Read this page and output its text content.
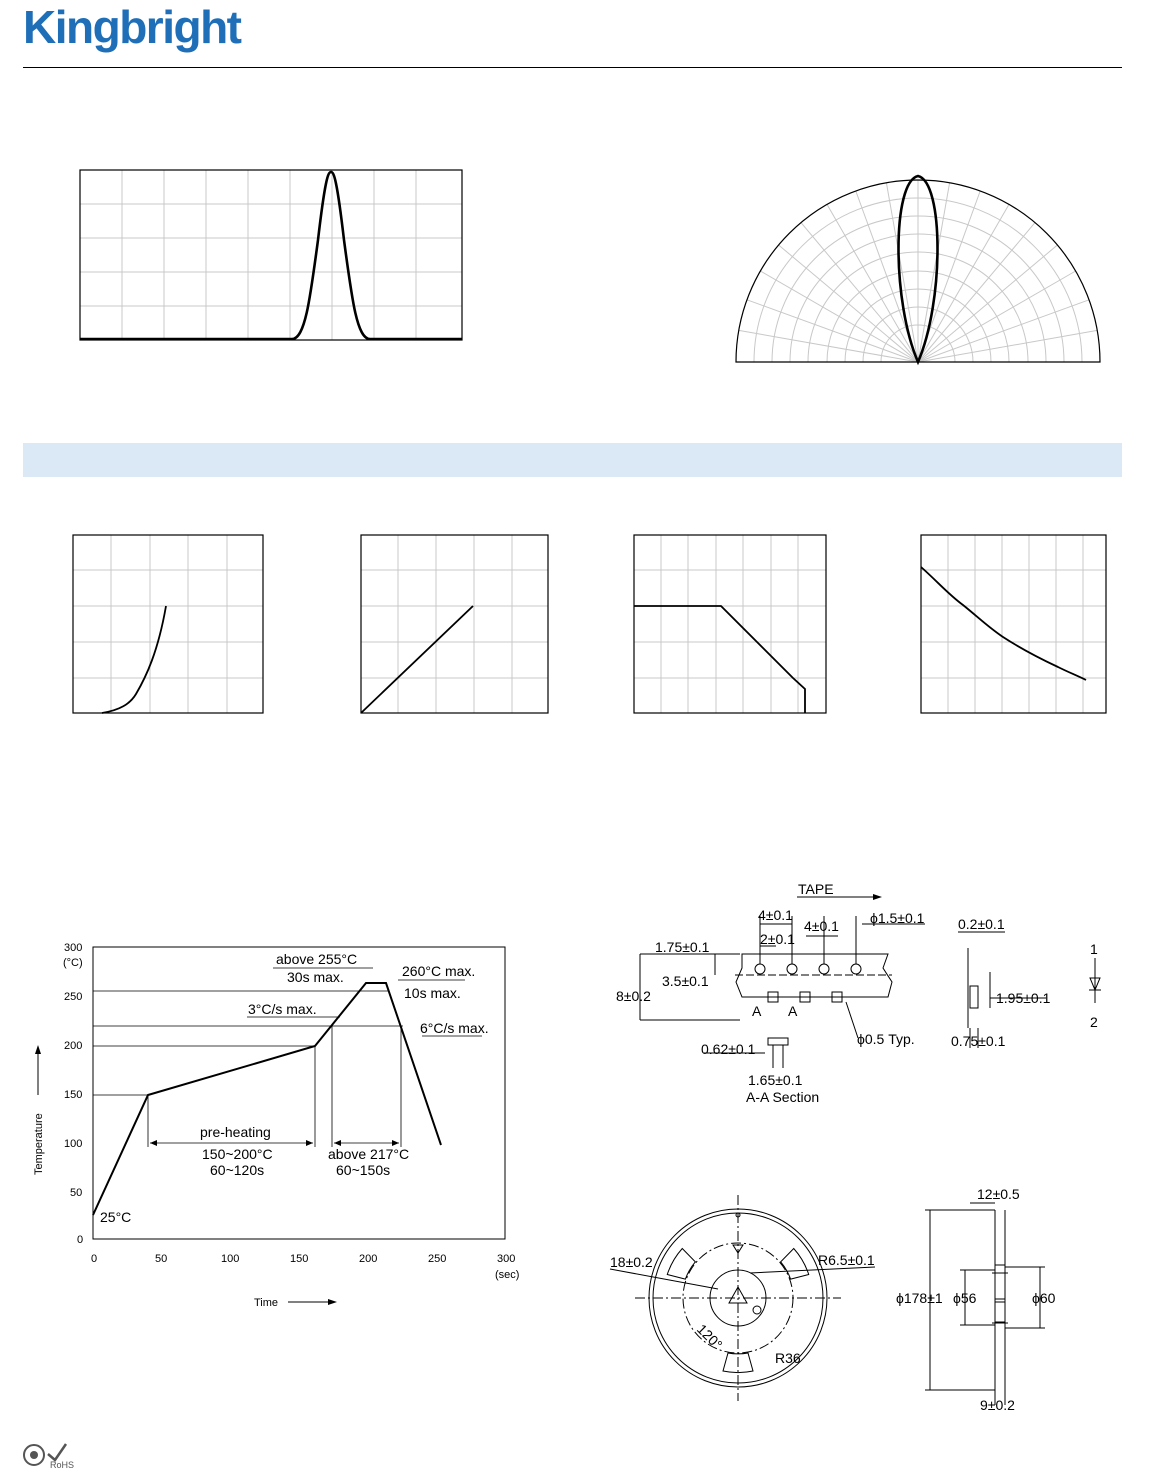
Kingbright
300
250
200
150
100
50
0
0	50	100	150	200	250	300
(°C)
(sec)
Time
Temperature
25°C
above 255°C
30s max.	260°C max.
10s max.
3°C/s max.
6°C/s max.
pre-heating
150~200°C
60~120s
above 217°C
60~150s
TAPE
4±0.1
4±0.1 ϕ1.5±0.1
2±0.1
1.75±0.1
3.5±0.1
8±0.2
ϕ0.5 Typ.
A A
0.62±0.1
1.65±0.1
A-A Section
0.2±0.1
1.95±0.1
0.75±0.1
1
2
18±0.2	R6.5±0.1
120°
R36
12±0.5
ϕ178±1 ϕ56	ϕ60
9±0.2
RoHS
